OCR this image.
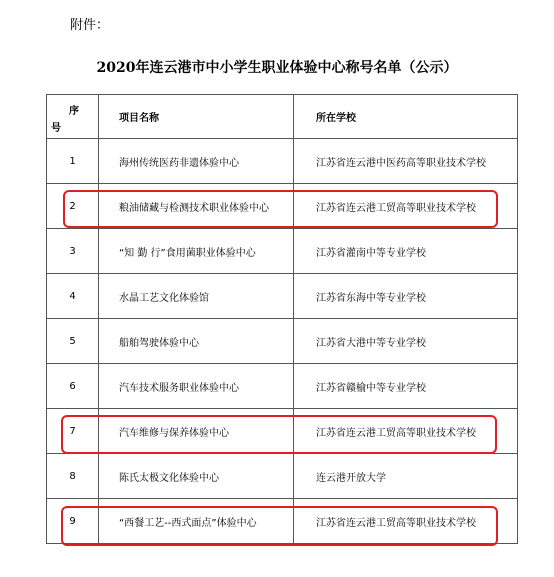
附件：
2020年连云港市中小学生职业体验中心称号名单（公示）
序
号	项目名称	所在学校
1	海州传统医药非遗体验中心	江苏省连云港中医药高等职业技术学校
2	粮油储藏与检测技术职业体验中心	江苏省连云港工贸高等职业技术学校
3	“知 勤 行”食用菌职业体验中心	江苏省灌南中等专业学校
4	水晶工艺文化体验馆	江苏省东海中等专业学校
5	船舶驾驶体验中心	江苏省大港中等专业学校
6	汽车技术服务职业体验中心	江苏省赣榆中等专业学校
7	汽车维修与保养体验中心	江苏省连云港工贸高等职业技术学校
8	陈氏太极文化体验中心	连云港开放大学
9	“西餐工艺--西式面点”体验中心	江苏省连云港工贸高等职业技术学校
